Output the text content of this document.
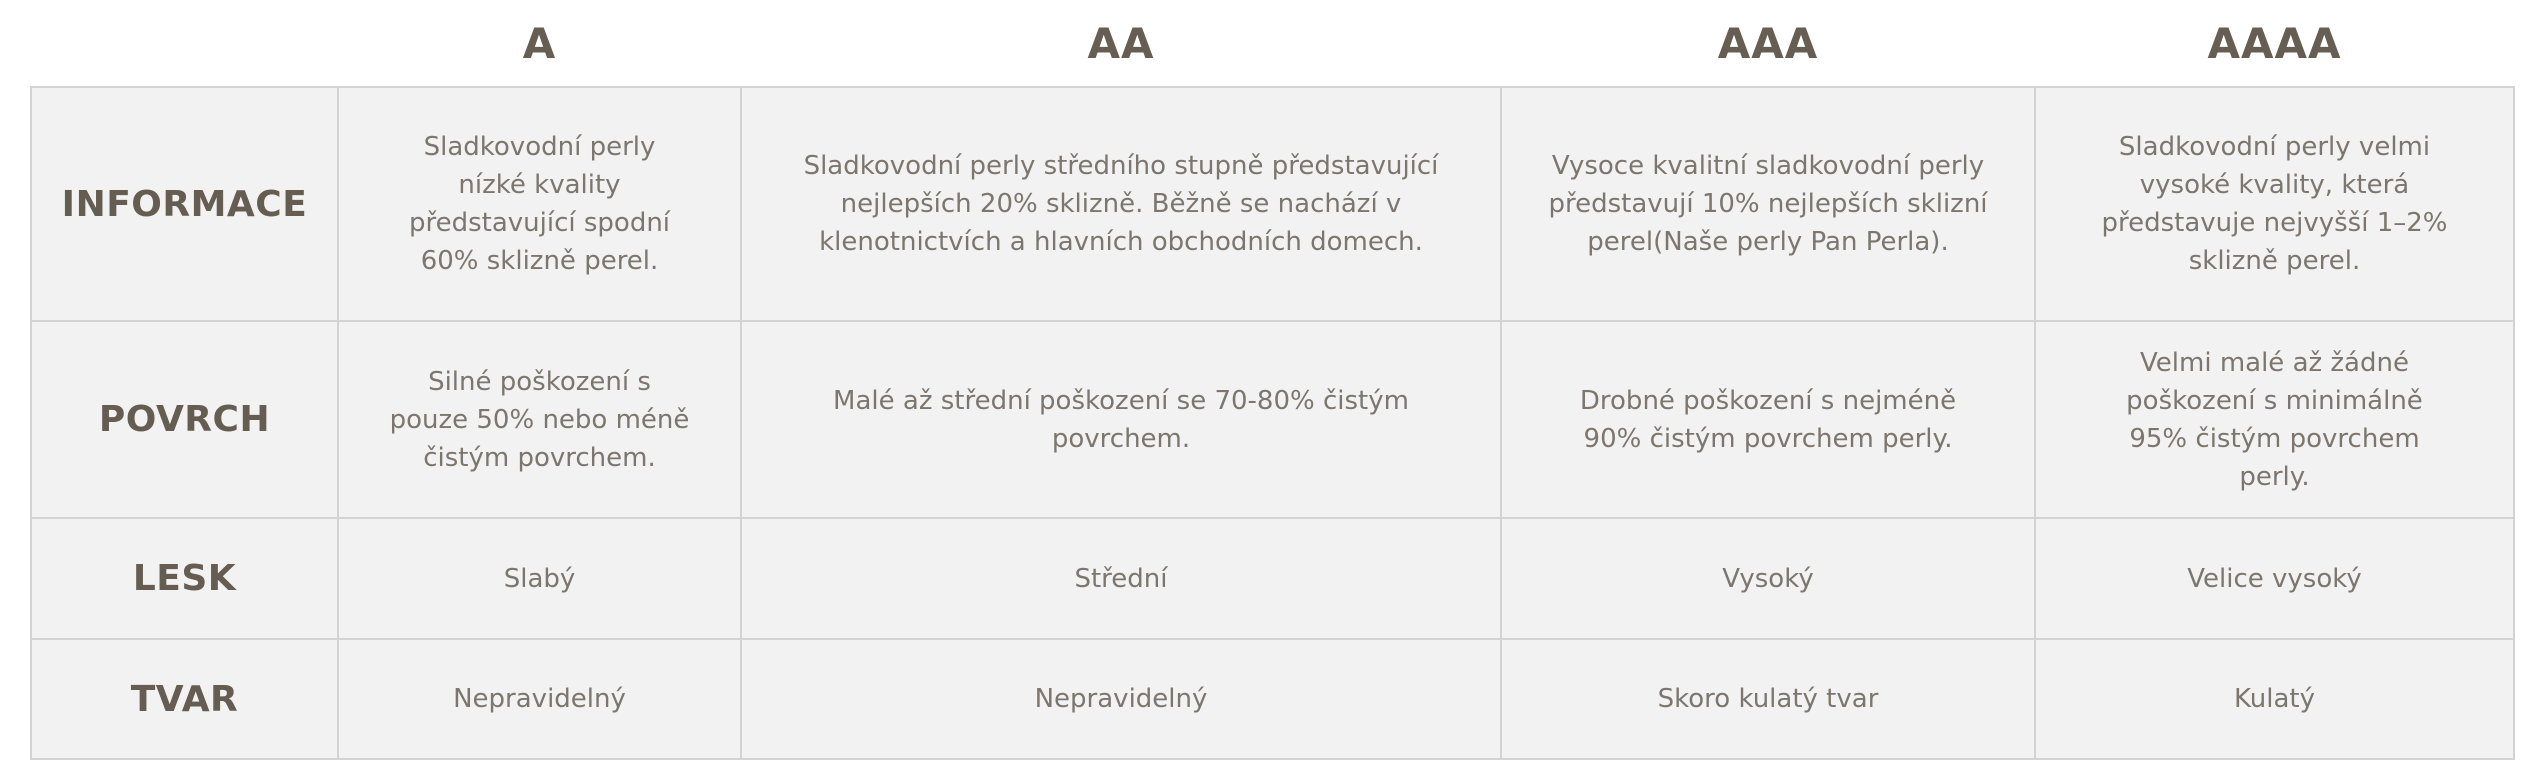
	A	AA	AAA	AAAA
INFORMACE	Sladkovodní perly nízké kvality představující spodní 60% sklizně perel.	Sladkovodní perly středního stupně představující nejlepších 20% sklizně. Běžně se nachází v klenotnictvích a hlavních obchodních domech.	Vysoce kvalitní sladkovodní perly představují 10% nejlepších sklizní perel(Naše perly Pan Perla).	Sladkovodní perly velmi vysoké kvality, která představuje nejvyšší 1–2% sklizně perel.
POVRCH	Silné poškození s pouze 50% nebo méně čistým povrchem.	Malé až střední poškození se 70-80% čistým povrchem.	Drobné poškození s nejméně 90% čistým povrchem perly.	Velmi malé až žádné poškození s minimálně 95% čistým povrchem perly.
LESK	Slabý	Střední	Vysoký	Velice vysoký
TVAR	Nepravidelný	Nepravidelný	Skoro kulatý tvar	Kulatý
